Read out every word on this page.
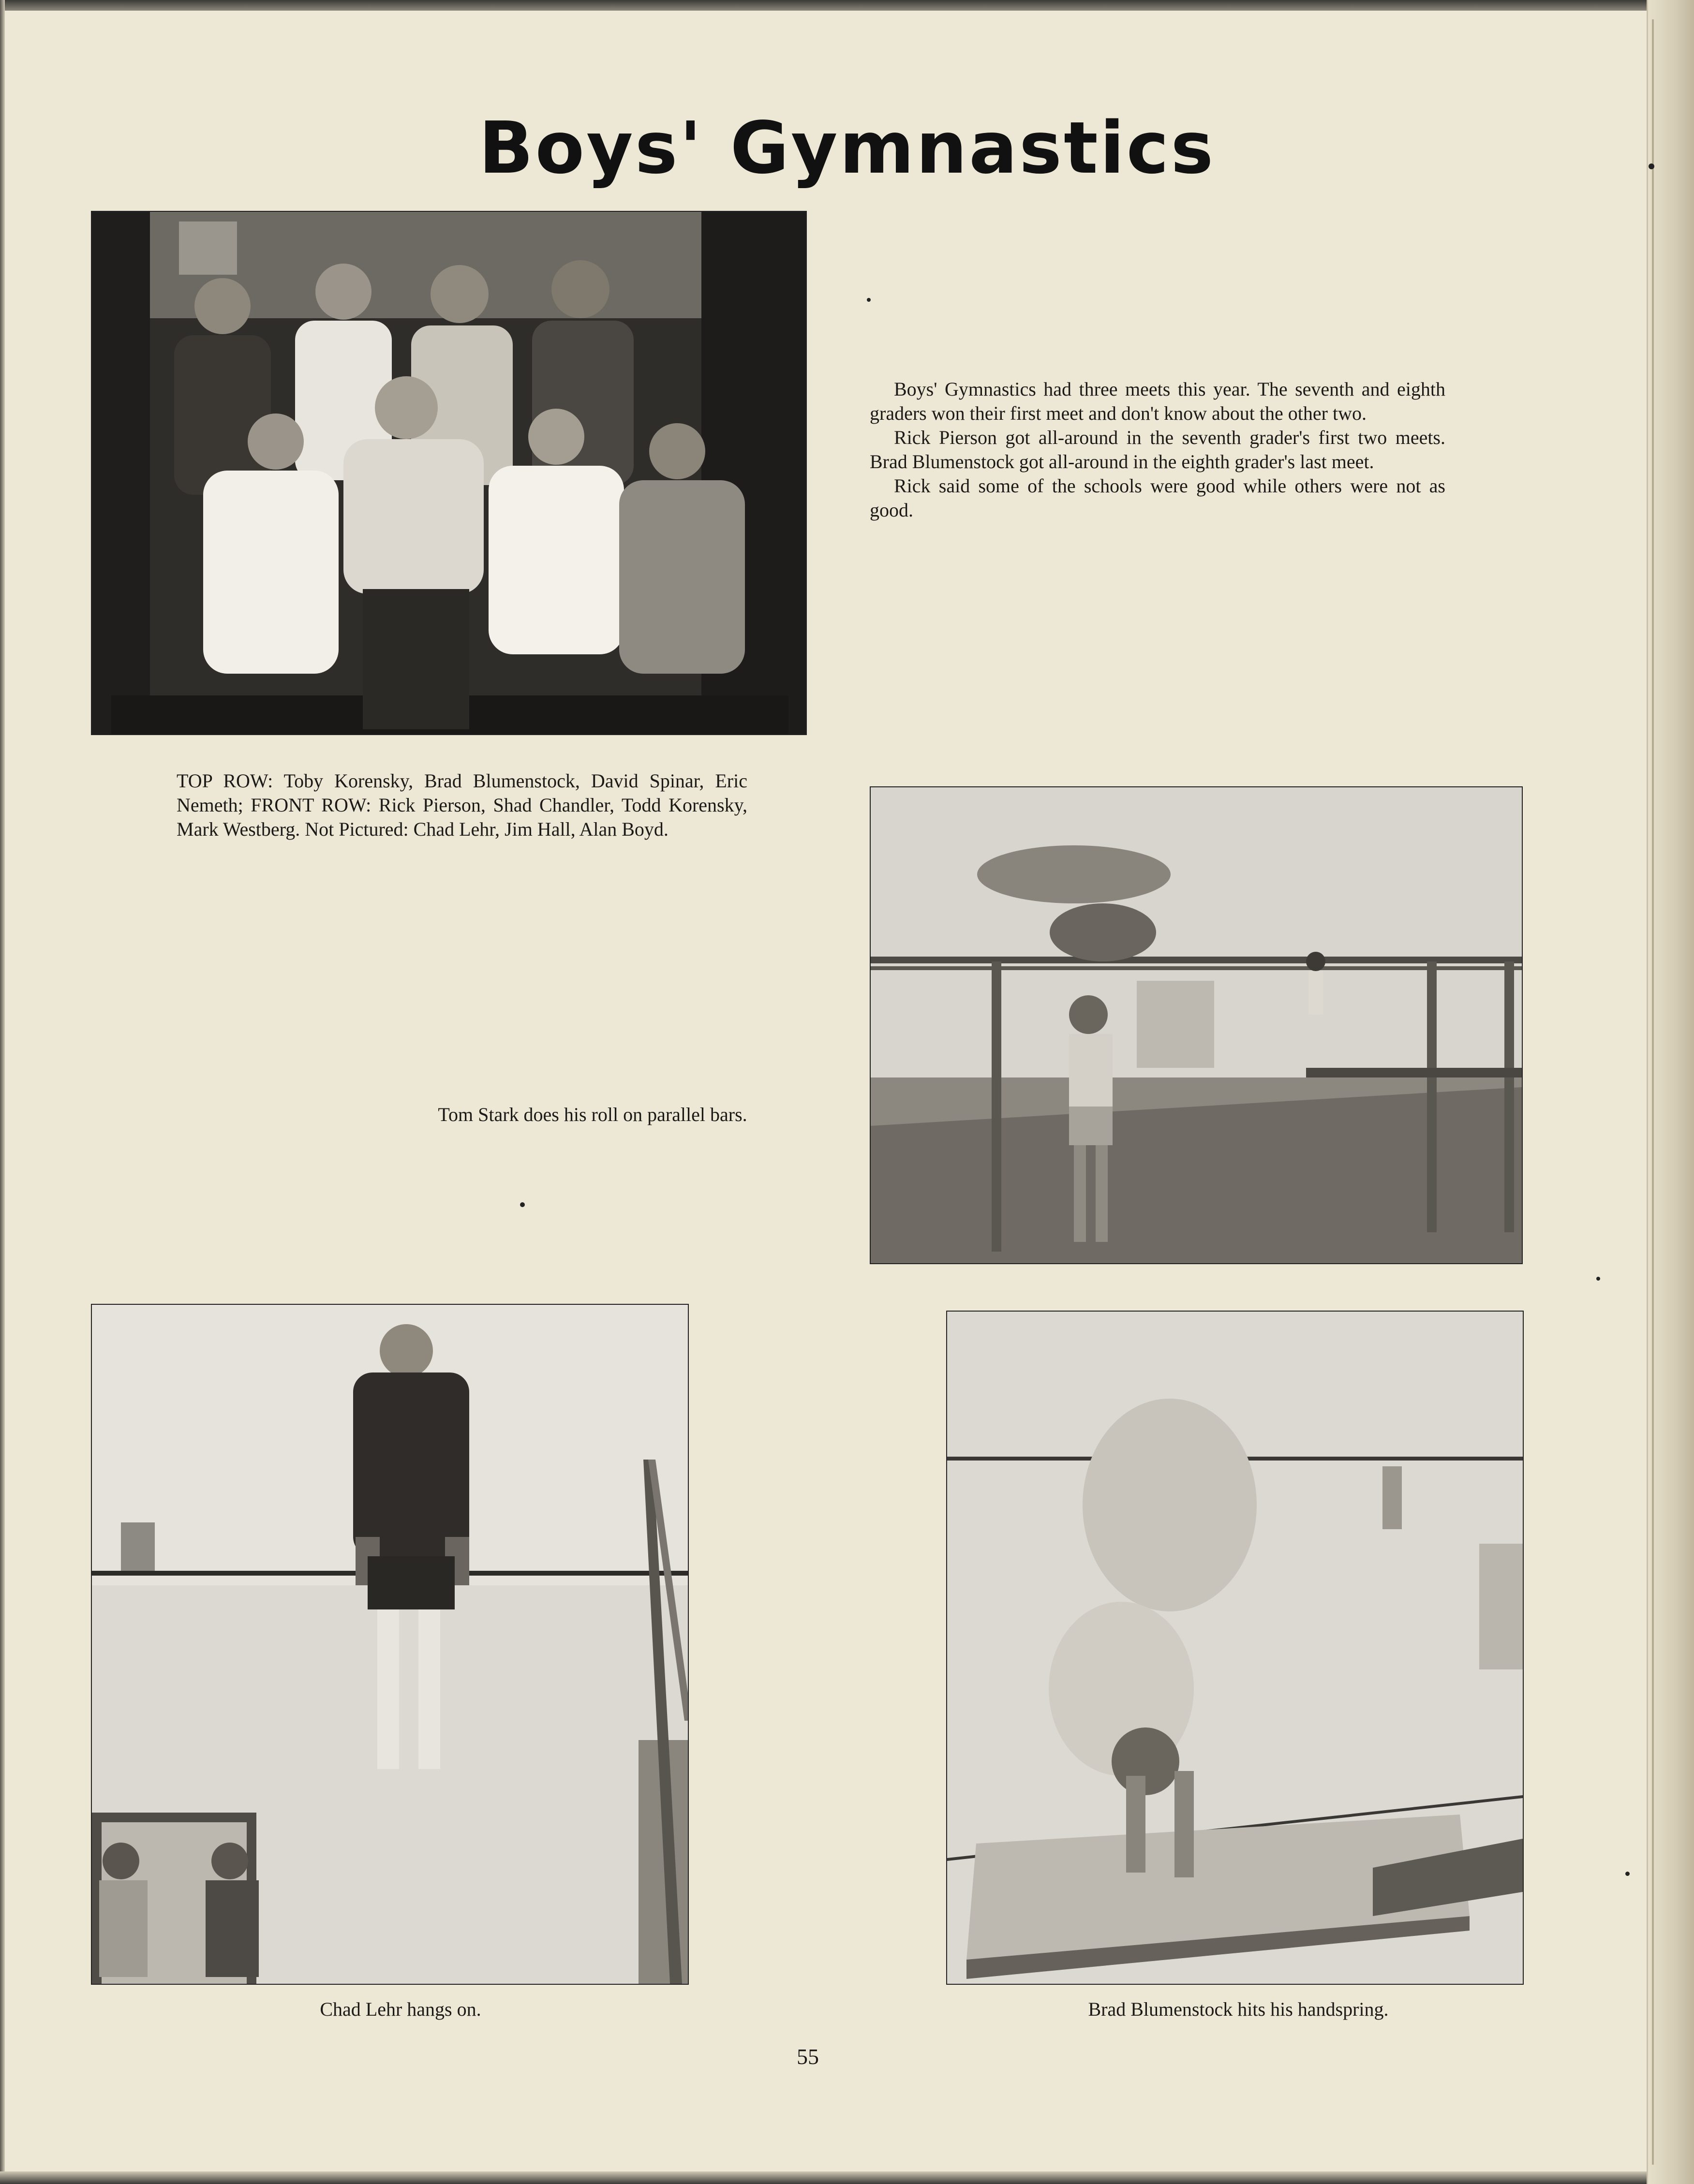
Boys' Gymnastics

Boys' Gymnastics had three meets this year. The seventh and eighth graders won their first meet and don't know about the other two.

Rick Pierson got all-around in the seventh grader's first two meets. Brad Blumenstock got all-around in the eighth grader's last meet.

Rick said some of the schools were good while others were not as good.

TOP ROW: Toby Korensky, Brad Blumenstock, David Spinar, Eric Nemeth; FRONT ROW: Rick Pierson, Shad Chandler, Todd Korensky, Mark Westberg. Not Pictured: Chad Lehr, Jim Hall, Alan Boyd.
Tom Stark does his roll on parallel bars.
Chad Lehr hangs on.	Brad Blumenstock hits his handspring.
55
